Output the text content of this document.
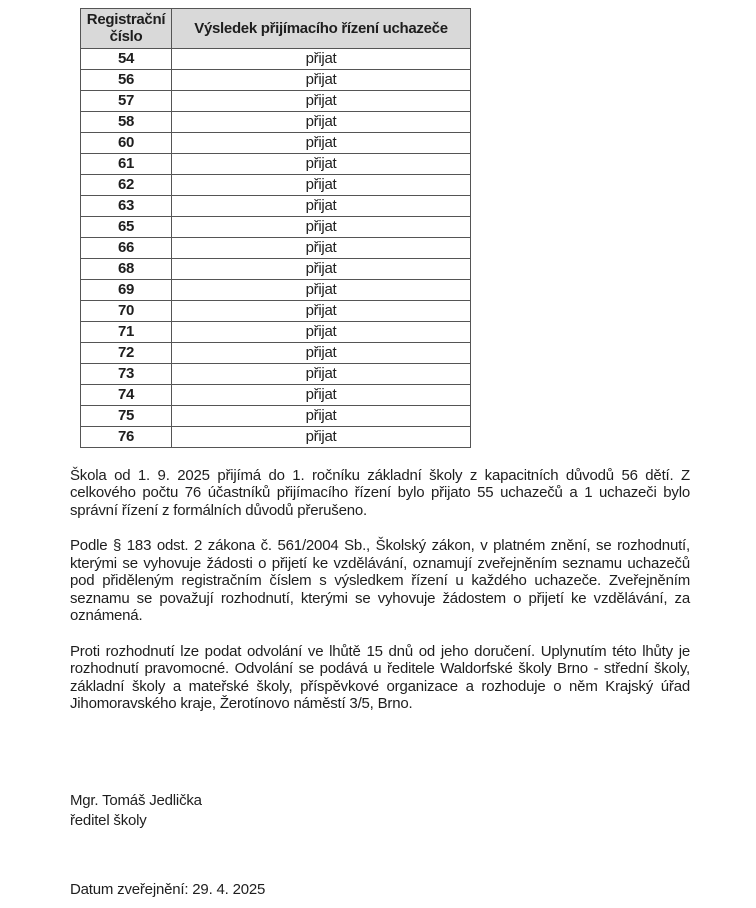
Registrační číslo	Výsledek přijímacího řízení uchazeče
54	přijat
56	přijat
57	přijat
58	přijat
60	přijat
61	přijat
62	přijat
63	přijat
65	přijat
66	přijat
68	přijat
69	přijat
70	přijat
71	přijat
72	přijat
73	přijat
74	přijat
75	přijat
76	přijat

Škola od 1. 9. 2025 přijímá do 1. ročníku základní školy z kapacitních důvodů 56 dětí. Z celkového počtu 76 účastníků přijímacího řízení bylo přijato 55 uchazečů a 1 uchazeči bylo správní řízení z formálních důvodů přerušeno.

Podle § 183 odst. 2 zákona č. 561/2004 Sb., Školský zákon, v platném znění, se rozhodnutí, kterými se vyhovuje žádosti o přijetí ke vzdělávání, oznamují zveřejněním seznamu uchazečů pod přiděleným registračním číslem s výsledkem řízení u každého uchazeče. Zveřejněním seznamu se považují rozhodnutí, kterými se vyhovuje žádostem o přijetí ke vzdělávání, za oznámená.

Proti rozhodnutí lze podat odvolání ve lhůtě 15 dnů od jeho doručení. Uplynutím této lhůty je rozhodnutí pravomocné. Odvolání se podává u ředitele Waldorfské školy Brno - střední školy, základní školy a mateřské školy, příspěvkové organizace a rozhoduje o něm Krajský úřad Jihomoravského kraje, Žerotínovo náměstí 3/5, Brno.

Mgr. Tomáš Jedlička
ředitel školy
Datum zveřejnění: 29. 4. 2025
